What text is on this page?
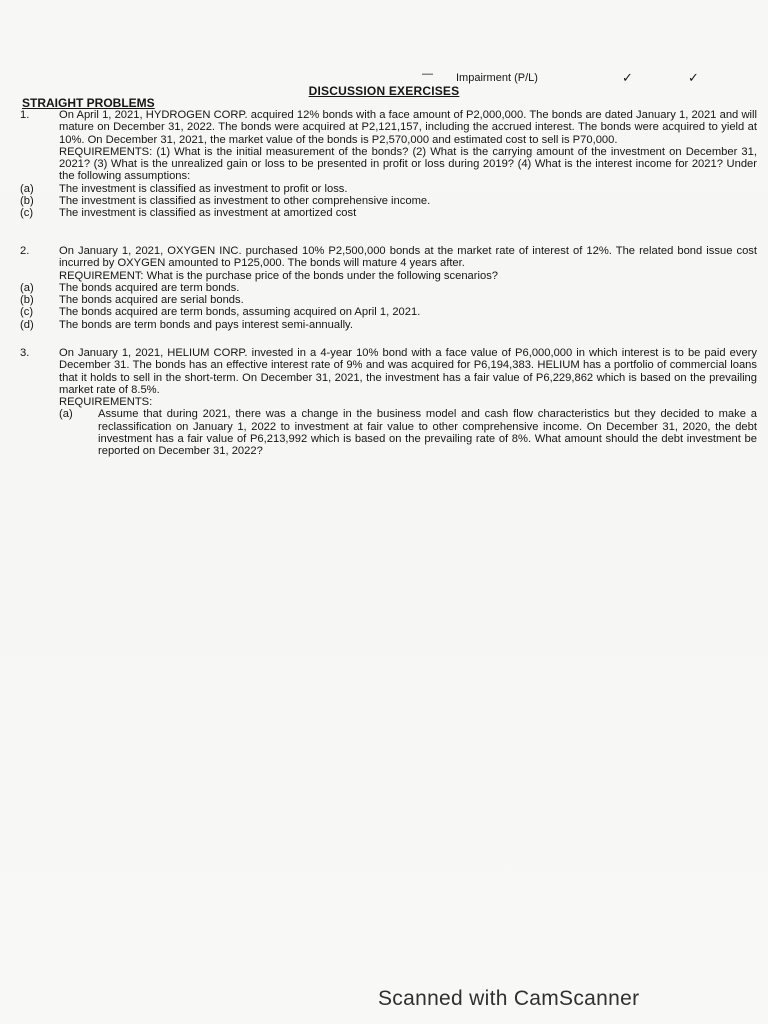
— Impairment (P/L)	✓	✓
DISCUSSION EXERCISES
STRAIGHT PROBLEMS
1.	On April 1, 2021, HYDROGEN CORP. acquired 12% bonds with a face amount of P2,000,000. The bonds are dated January 1, 2021 and will mature on December 31, 2022. The bonds were acquired at P2,121,157, including the accrued interest. The bonds were acquired to yield at 10%. On December 31, 2021, the market value of the bonds is P2,570,000 and estimated cost to sell is P70,000.

REQUIREMENTS: (1) What is the initial measurement of the bonds? (2) What is the carrying amount of the investment on December 31, 2021? (3) What is the unrealized gain or loss to be presented in profit or loss during 2019? (4) What is the interest income for 2021? Under the following assumptions:

(a)	The investment is classified as investment to profit or loss.
(b)	The investment is classified as investment to other comprehensive income.
(c)	The investment is classified as investment at amortized cost
2.	On January 1, 2021, OXYGEN INC. purchased 10% P2,500,000 bonds at the market rate of interest of 12%. The related bond issue cost incurred by OXYGEN amounted to P125,000. The bonds will mature 4 years after.

REQUIREMENT: What is the purchase price of the bonds under the following scenarios?

(a)	The bonds acquired are term bonds.
(b)	The bonds acquired are serial bonds.
(c)	The bonds acquired are term bonds, assuming acquired on April 1, 2021.
(d)	The bonds are term bonds and pays interest semi-annually.
3.	On January 1, 2021, HELIUM CORP. invested in a 4-year 10% bond with a face value of P6,000,000 in which interest is to be paid every December 31. The bonds has an effective interest rate of 9% and was acquired for P6,194,383. HELIUM has a portfolio of commercial loans that it holds to sell in the short-term. On December 31, 2021, the investment has a fair value of P6,229,862 which is based on the prevailing market rate of 8.5%.

REQUIREMENTS:

(a)	Assume that during 2021, there was a change in the business model and cash flow characteristics but they decided to make a reclassification on January 1, 2022 to investment at fair value to other comprehensive income. On December 31, 2020, the debt investment has a fair value of P6,213,992 which is based on the prevailing rate of 8%. What amount should the debt investment be reported on December 31, 2022?
Scanned with CamScanner
